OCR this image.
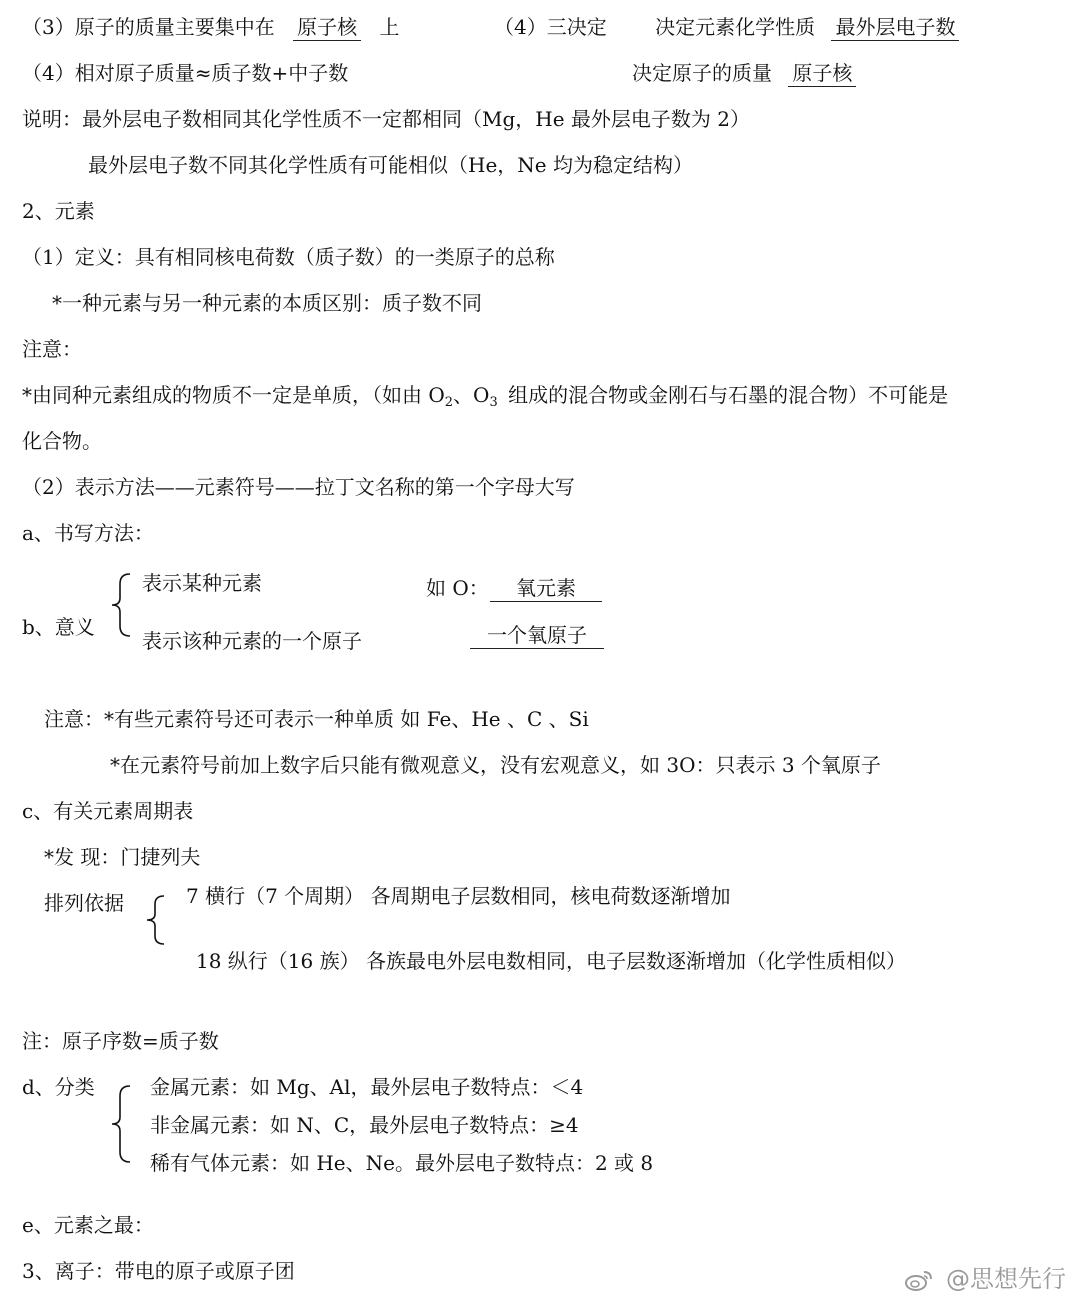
（3）原子的质量主要集中在 原子核 上	（4）三决定 决定元素化学性质 最外层电子数
（4）相对原子质量≈质子数+中子数	决定原子的质量 原子核
说明：最外层电子数相同其化学性质不一定都相同（Mg，He 最外层电子数为 2）
最外层电子数不同其化学性质有可能相似（He，Ne 均为稳定结构）
2、元素
（1）定义：具有相同核电荷数（质子数）的一类原子的总称
*一种元素与另一种元素的本质区别：质子数不同
注意：
*由同种元素组成的物质不一定是单质，（如由 $O_2$、$O_3$ 组成的混合物或金刚石与石墨的混合物）不可能是
化合物。
（2）表示方法——元素符号——拉丁文名称的第一个字母大写
a、书写方法：
b、意义
表示某种元素
表示该种元素的一个原子
如 O：	氧元素
一个氧原子
注意：*有些元素符号还可表示一种单质 如 Fe、He 、C 、Si
*在元素符号前加上数字后只能有微观意义，没有宏观意义，如 3O：只表示 3 个氧原子
c、有关元素周期表
*发 现：门捷列夫
排列依据	7 横行（7 个周期） 各周期电子层数相同，核电荷数逐渐增加
18 纵行（16 族） 各族最电外层电数相同，电子层数逐渐增加（化学性质相似）
注：原子序数=质子数
d、分类	金属元素：如 Mg、Al，最外层电子数特点：＜4
非金属元素：如 N、C，最外层电子数特点：≥4
稀有气体元素：如 He、Ne。最外层电子数特点：2 或 8
e、元素之最：
3、离子：带电的原子或原子团	@思想先行
